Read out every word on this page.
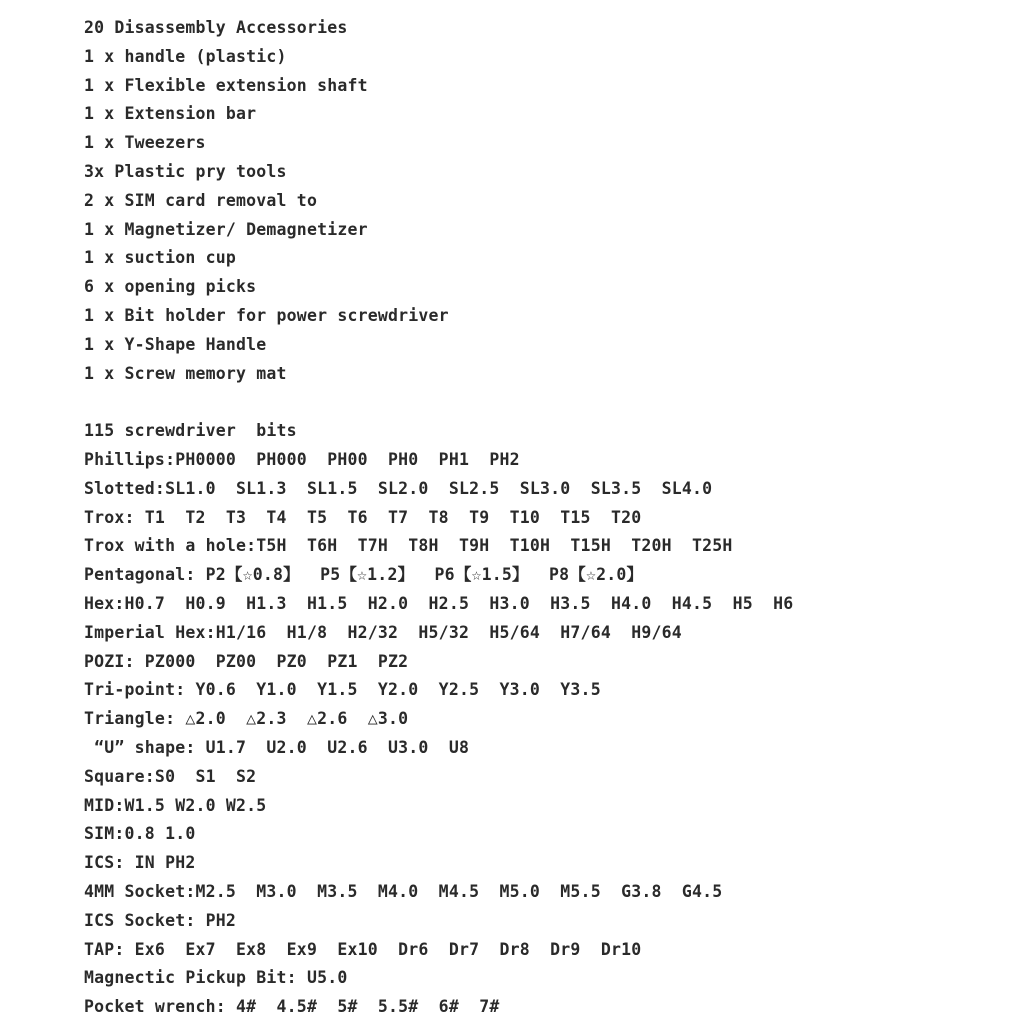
20 Disassembly Accessories
1 x handle (plastic)
1 x Flexible extension shaft
1 x Extension bar
1 x Tweezers
3x Plastic pry tools
2 x SIM card removal to
1 x Magnetizer/ Demagnetizer
1 x suction cup
6 x opening picks
1 x Bit holder for power screwdriver
1 x Y-Shape Handle
1 x Screw memory mat
115 screwdriver  bits
Phillips:PH0000  PH000  PH00  PH0  PH1  PH2
Slotted:SL1.0  SL1.3  SL1.5  SL2.0  SL2.5  SL3.0  SL3.5  SL4.0
Trox: T1  T2  T3  T4  T5  T6  T7  T8  T9  T10  T15  T20
Trox with a hole:T5H  T6H  T7H  T8H  T9H  T10H  T15H  T20H  T25H
Pentagonal: P2【☆0.8】  P5【☆1.2】  P6【☆1.5】  P8【☆2.0】
Hex:H0.7  H0.9  H1.3  H1.5  H2.0  H2.5  H3.0  H3.5  H4.0  H4.5  H5  H6
Imperial Hex:H1/16  H1/8  H2/32  H5/32  H5/64  H7/64  H9/64
POZI: PZ000  PZ00  PZ0  PZ1  PZ2
Tri-point: Y0.6  Y1.0  Y1.5  Y2.0  Y2.5  Y3.0  Y3.5
Triangle: △2.0  △2.3  △2.6  △3.0
“U” shape: U1.7  U2.0  U2.6  U3.0  U8
Square:S0  S1  S2
MID:W1.5 W2.0 W2.5
SIM:0.8 1.0
ICS: IN PH2
4MM Socket:M2.5  M3.0  M3.5  M4.0  M4.5  M5.0  M5.5  G3.8  G4.5
ICS Socket: PH2
TAP: Ex6  Ex7  Ex8  Ex9  Ex10  Dr6  Dr7  Dr8  Dr9  Dr10
Magnectic Pickup Bit: U5.0
Pocket wrench: 4#  4.5#  5#  5.5#  6#  7#
